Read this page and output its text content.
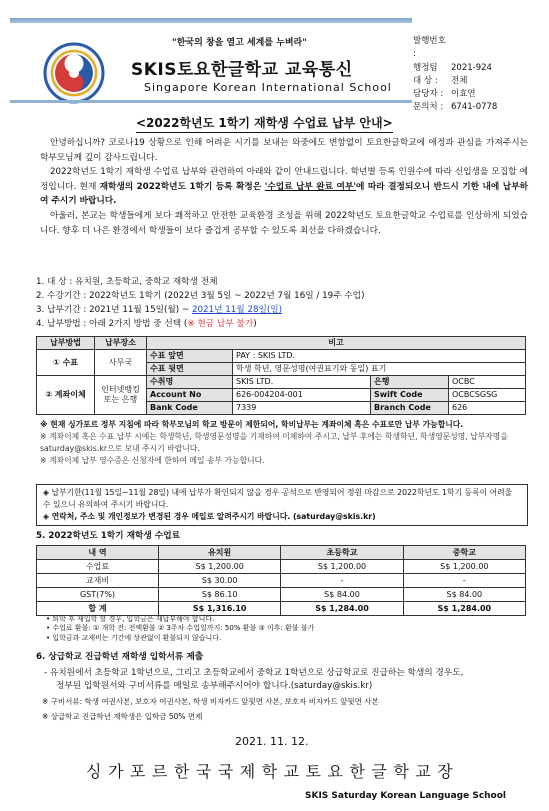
"한국의 창을 열고 세계를 누벼라"
SKIS토요한글학교 교육통신
Singapore Korean International School
발행번호 :
행정팀	2021-924
대 상 :	전체
담당자 : 이효연
문의처 : 6741-0778
<2022학년도 1학기 재학생 수업료 납부 안내>

안녕하십니까? 코로나19 상황으로 인해 어려운 시기를 보내는 와중에도 변함없이 토요한글학교에 애정과 관심을 가져주시는 학부모님께 깊이 감사드립니다.

2022학년도 1학기 재학생 수업료 납부와 관련하여 아래와 같이 안내드립니다. 학년별 등록 인원수에 따라 신입생을 모집할 예정입니다. 현재 재학생의 2022학년도 1학기 등록 확정은 '수업료 납부 완료 여부'에 따라 결정되오니 반드시 기한 내에 납부하여 주시기 바랍니다.

아울러, 본교는 학생들에게 보다 쾌적하고 안전한 교육환경 조성을 위해 2022학년도 토요한글학교 수업료를 인상하게 되었습니다. 향후 더 나은 환경에서 학생들이 보다 즐겁게 공부할 수 있도록 최선을 다하겠습니다.

1. 대 상 : 유치원, 초등학교, 중학교 재학생 전체
2. 수강기간 : 2022학년도 1학기 (2022년 3월 5일 ~ 2022년 7월 16일 / 19주 수업)
3. 납부기간 : 2021년 11월 15일(월) ~ 2021년 11월 28일(일)
4. 납부방법 : 아래 2가지 방법 중 선택 (※ 현금 납부 불가)
납부방법	납부장소	비고			
① 수표	사무국	수표 앞면	PAY : SKIS LTD.		
		수표 뒷면	학생 학년, 영문성명(여권표기와 동일) 표기		
② 계좌이체	인터넷뱅킹 또는 은행	수취명	SKIS LTD.	은행	OCBC
		Account No	626-004204-001	Swift Code	OCBCSGSG
		Bank Code	7339	Branch Code	626
※ 현재 싱가포르 정부 지침에 따라 학부모님의 학교 방문이 제한되어, 학비납부는 계좌이체 혹은 수표로만 납부 가능합니다.
※ 계좌이체 혹은 수표 납부 시에는 학생학년, 학생영문성명을 기재하여 이체하여 주시고, 납부 후에는 학생학년, 학생영문성명, 납부자명을 saturday@skis.kr으로 보내 주시기 바랍니다.
※ 계좌이체 납부 영수증은 신청자에 한하여 메일 송부 가능합니다.
◈ 납부기한(11월 15일~11월 28일) 내에 납부가 확인되지 않을 경우 공석으로 반영되어 정원 마감으로 2022학년도 1학기 등록이 어려울 수 있으니 유의하여 주시기 바랍니다.
◈ 연락처, 주소 및 개인정보가 변경된 경우 메일로 알려주시기 바랍니다. (saturday@skis.kr)
5. 2022학년도 1학기 재학생 수업료
내 역	유치원	초등학교	중학교
수업료	S$ 1,200.00	S$ 1,200.00	S$ 1,200.00
교재비	S$ 30.00	-	-
GST(7%)	S$ 86.10	S$ 84.00	S$ 84.00
합 계	S$ 1,316.10	S$ 1,284.00	S$ 1,284.00
• 퇴학 후 재입학 할 경우, 입학금은 재납부해야 합니다.
• 수업료 환불: ① 개학 전: 전액환불 ② 3주차 수업일까지: 50% 환불 ③ 이후: 환불 불가
• 입학금과 교재비는 기간에 상관없이 환불되지 않습니다.
6. 상급학교 진급학년 재학생 입학서류 제출
- 유치원에서 초등학교 1학년으로, 그리고 초등학교에서 중학교 1학년으로 상급학교로 진급하는 학생의 경우도,
정부된 입학원서와 구비서류를 메일로 송부해주시어야 합니다.(saturday@skis.kr)
※ 구비서류: 학생 여권사본, 보호자 여권사본, 학생 비자카드 앞뒷면 사본, 보호자 비자카드 앞뒷면 사본
※ 상급학교 진급학년 재학생은 입학금 50% 면제
2021. 11. 12.
싱가포르한국국제학교토요한글학교장
SKIS Saturday Korean Language School
